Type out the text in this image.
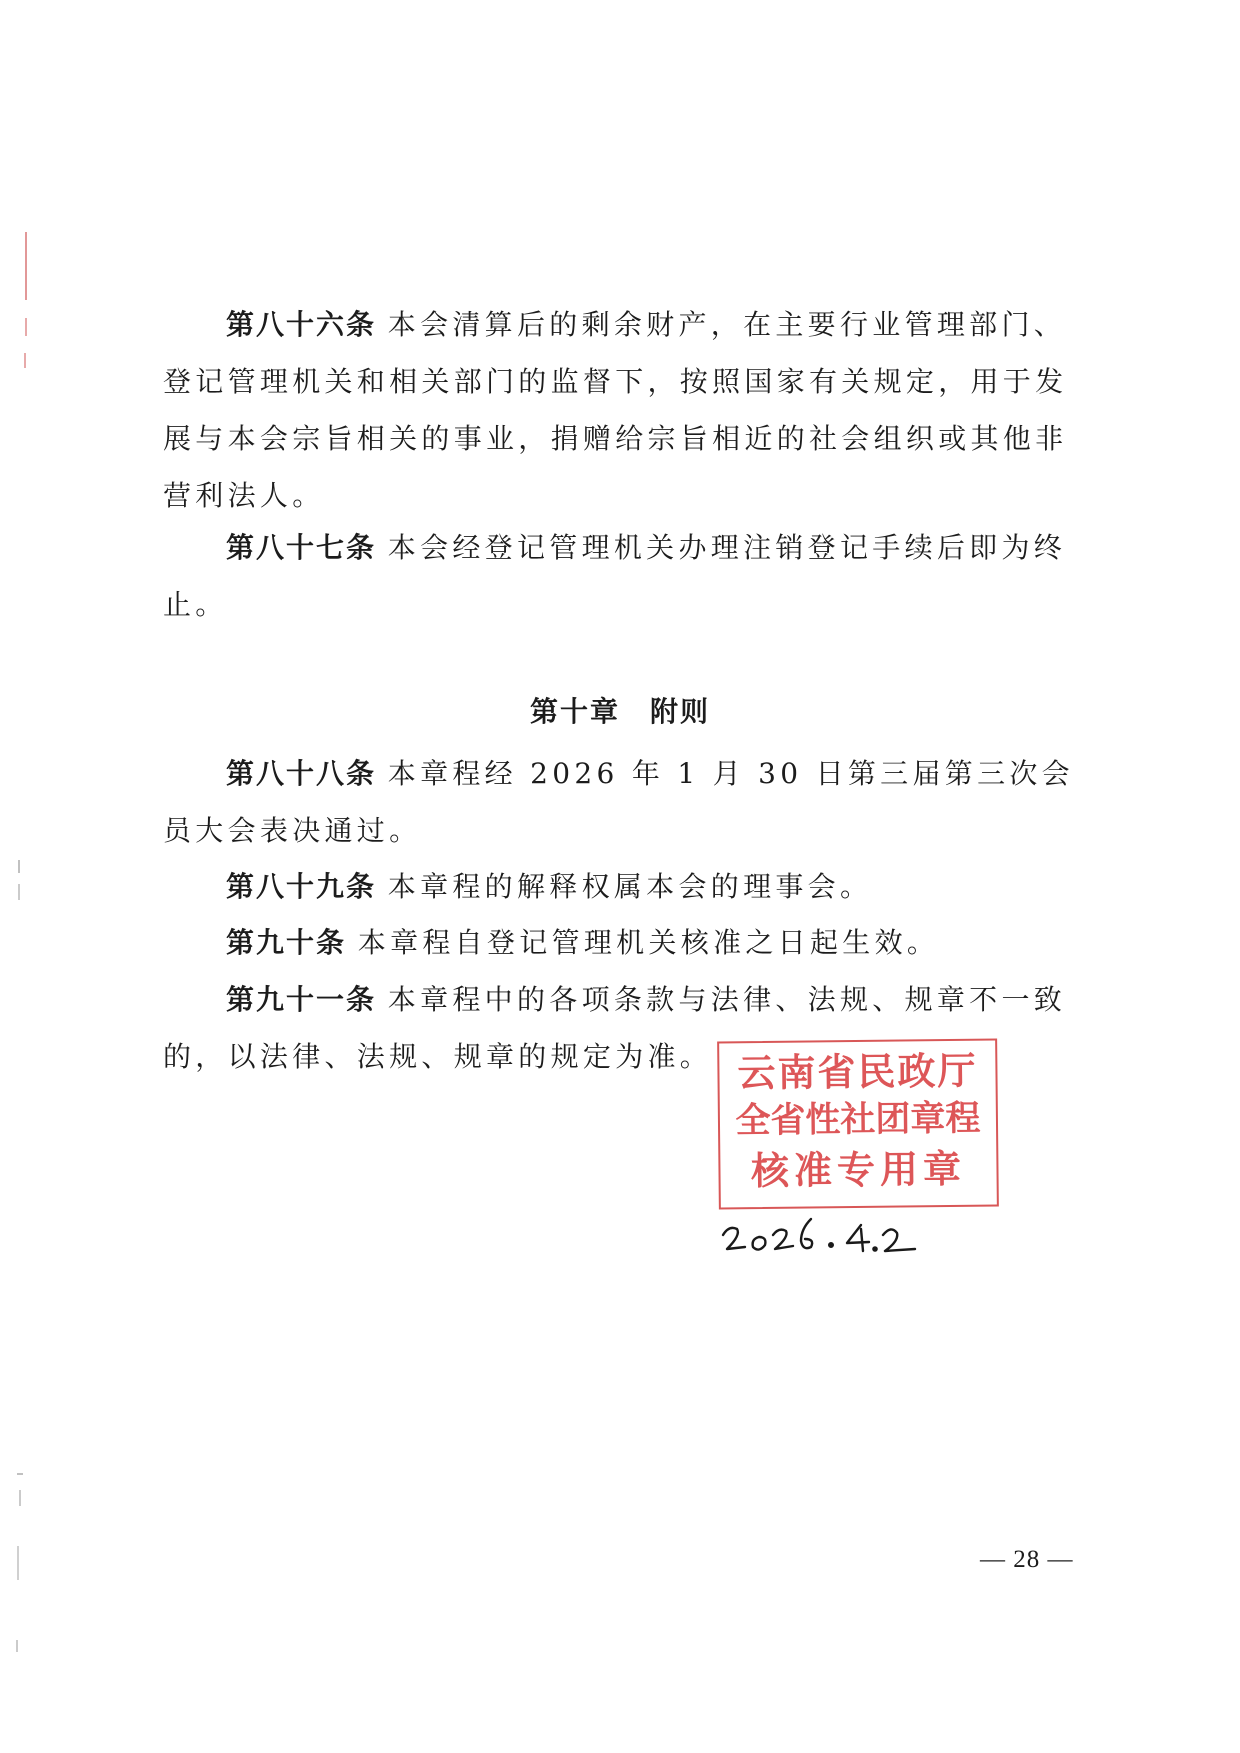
第八十六条 本会清算后的剩余财产，在主要行业管理部门、登记管理机关和相关部门的监督下，按照国家有关规定，用于发展与本会宗旨相关的事业，捐赠给宗旨相近的社会组织或其他非营利法人。

第八十七条 本会经登记管理机关办理注销登记手续后即为终止。

第十章　附则

第八十八条 本章程经 2026 年 1 月 30 日第三届第三次会员大会表决通过。

第八十九条 本章程的解释权属本会的理事会。

第九十条 本章程自登记管理机关核准之日起生效。

第九十一条 本章程中的各项条款与法律、法规、规章不一致的，以法律、法规、规章的规定为准。 云南省民政厅
全省性社团章程
核准专用章
— 28 —
